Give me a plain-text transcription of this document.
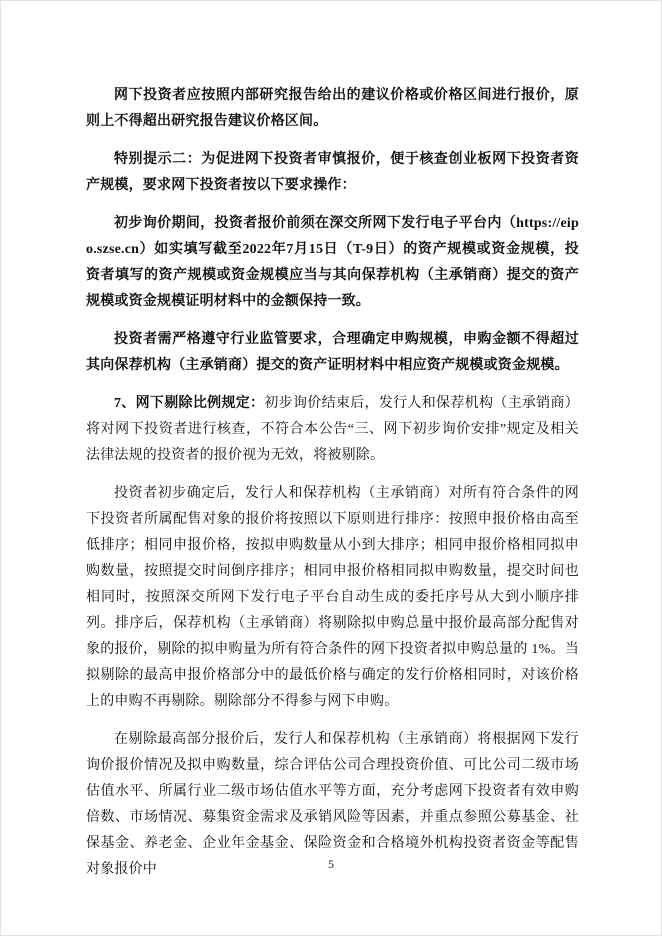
网下投资者应按照内部研究报告给出的建议价格或价格区间进行报价，原则上不得超出研究报告建议价格区间。

特别提示二：为促进网下投资者审慎报价，便于核查创业板网下投资者资产规模，要求网下投资者按以下要求操作：

初步询价期间，投资者报价前须在深交所网下发行电子平台内（https://eipo.szse.cn）如实填写截至2022年7月15日（T-9日）的资产规模或资金规模，投资者填写的资产规模或资金规模应当与其向保荐机构（主承销商）提交的资产规模或资金规模证明材料中的金额保持一致。

投资者需严格遵守行业监管要求，合理确定申购规模，申购金额不得超过其向保荐机构（主承销商）提交的资产证明材料中相应资产规模或资金规模。

7、网下剔除比例规定：初步询价结束后，发行人和保荐机构（主承销商）将对网下投资者进行核查，不符合本公告“三、网下初步询价安排”规定及相关法律法规的投资者的报价视为无效，将被剔除。

投资者初步确定后，发行人和保荐机构（主承销商）对所有符合条件的网下投资者所属配售对象的报价将按照以下原则进行排序：按照申报价格由高至低排序；相同申报价格，按拟申购数量从小到大排序；相同申报价格相同拟申购数量，按照提交时间倒序排序；相同申报价格相同拟申购数量，提交时间也相同时，按照深交所网下发行电子平台自动生成的委托序号从大到小顺序排列。排序后，保荐机构（主承销商）将剔除拟申购总量中报价最高部分配售对象的报价，剔除的拟申购量为所有符合条件的网下投资者拟申购总量的 1%。当拟剔除的最高申报价格部分中的最低价格与确定的发行价格相同时，对该价格上的申购不再剔除。剔除部分不得参与网下申购。

在剔除最高部分报价后，发行人和保荐机构（主承销商）将根据网下发行询价报价情况及拟申购数量，综合评估公司合理投资价值、可比公司二级市场估值水平、所属行业二级市场估值水平等方面，充分考虑网下投资者有效申购倍数、市场情况、募集资金需求及承销风险等因素，并重点参照公募基金、社保基金、养老金、企业年金基金、保险资金和合格境外机构投资者资金等配售对象报价中	5
